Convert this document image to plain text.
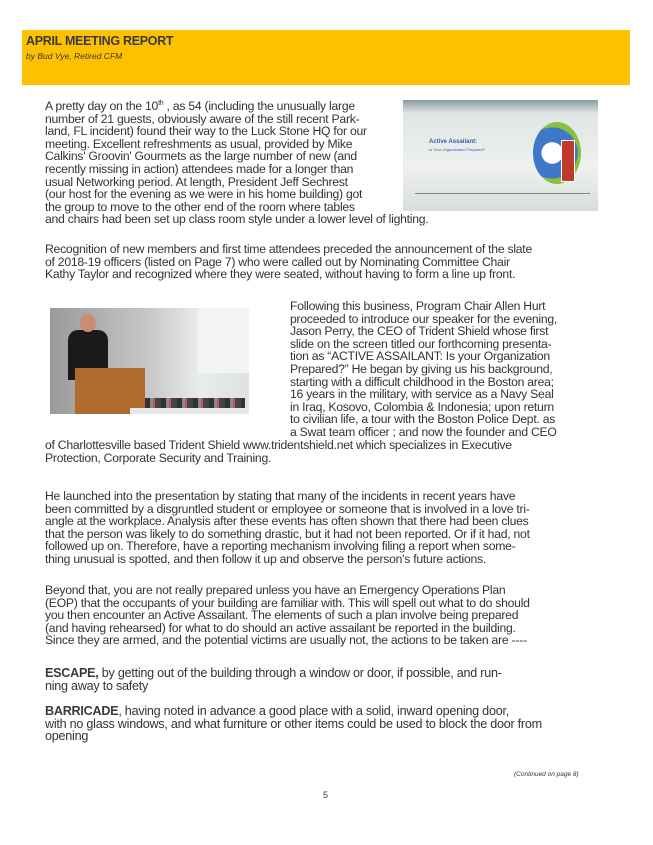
APRIL MEETING REPORT
by Bud Vye, Retired CFM
Active Assailant:
Is Your Organization Prepared?
A pretty day on the 10th , as 54 (including the unusually large
number of 21 guests, obviously aware of the still recent Park-
land, FL incident) found their way to the Luck Stone HQ for our
meeting. Excellent refreshments as usual, provided by Mike
Calkins' Groovin' Gourmets as the large number of new (and
recently missing in action) attendees made for a longer than
usual Networking period. At length, President Jeff Sechrest
(our host for the evening as we were in his home building) got
the group to move to the other end of the room where tables
and chairs had been set up class room style under a lower level of lighting.
Recognition of new members and first time attendees preceded the announcement of the slate
of 2018-19 officers (listed on Page 7) who were called out by Nominating Committee Chair
Kathy Taylor and recognized where they were seated, without having to form a line up front.
Following this business, Program Chair Allen Hurt
proceeded to introduce our speaker for the evening,
Jason Perry, the CEO of Trident Shield whose first
slide on the screen titled our forthcoming presenta-
tion as “ACTIVE ASSAILANT: Is your Organization
Prepared?” He began by giving us his background,
starting with a difficult childhood in the Boston area;
16 years in the military, with service as a Navy Seal
in Iraq, Kosovo, Colombia & Indonesia; upon return
to civilian life, a tour with the Boston Police Dept. as
a Swat team officer ; and now the founder and CEO
of Charlottesville based Trident Shield www.tridentshield.net which specializes in Executive
Protection, Corporate Security and Training.
He launched into the presentation by stating that many of the incidents in recent years have
been committed by a disgruntled student or employee or someone that is involved in a love tri-
angle at the workplace. Analysis after these events has often shown that there had been clues
that the person was likely to do something drastic, but it had not been reported. Or if it had, not
followed up on. Therefore, have a reporting mechanism involving filing a report when some-
thing unusual is spotted, and then follow it up and observe the person's future actions.
Beyond that, you are not really prepared unless you have an Emergency Operations Plan
(EOP) that the occupants of your building are familiar with. This will spell out what to do should
you then encounter an Active Assailant. The elements of such a plan involve being prepared
(and having rehearsed) for what to do should an active assailant be reported in the building.
Since they are armed, and the potential victims are usually not, the actions to be taken are ----
ESCAPE, by getting out of the building through a window or door, if possible, and run-
ning away to safety
BARRICADE, having noted in advance a good place with a solid, inward opening door,
with no glass windows, and what furniture or other items could be used to block the door from
opening
(Continued on page 8)
5
